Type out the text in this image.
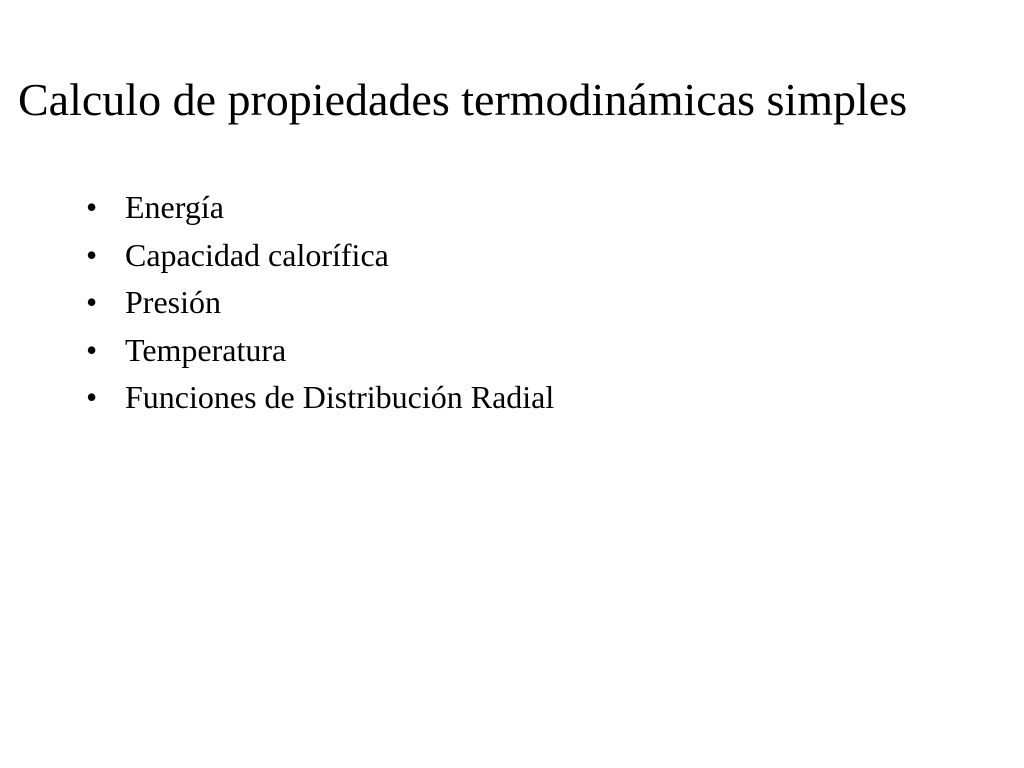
Calculo de propiedades termodinámicas simples
• Energía
• Capacidad calorífica
• Presión
• Temperatura
• Funciones de Distribución Radial
